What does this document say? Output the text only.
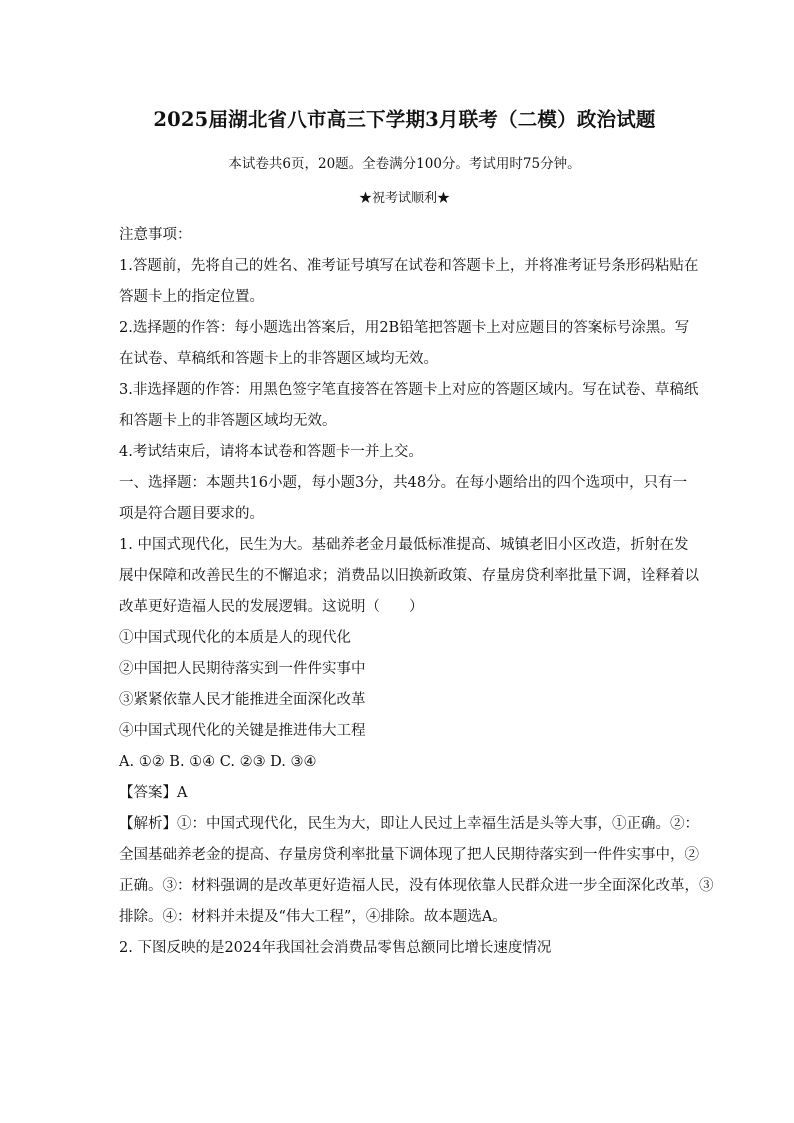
2025届湖北省八市高三下学期3月联考（二模）政治试题

本试卷共6页，20题。全卷满分100分。考试用时75分钟。

★祝考试顺利★

注意事项：

1.答题前，先将自己的姓名、准考证号填写在试卷和答题卡上，并将准考证号条形码粘贴在

答题卡上的指定位置。

2.选择题的作答：每小题选出答案后，用2B铅笔把答题卡上对应题目的答案标号涂黑。写

在试卷、草稿纸和答题卡上的非答题区域均无效。

3.非选择题的作答：用黑色签字笔直接答在答题卡上对应的答题区域内。写在试卷、草稿纸

和答题卡上的非答题区域均无效。

4.考试结束后，请将本试卷和答题卡一并上交。

一、选择题：本题共16小题，每小题3分，共48分。在每小题给出的四个选项中，只有一

项是符合题目要求的。

1. 中国式现代化，民生为大。基础养老金月最低标准提高、城镇老旧小区改造，折射在发

展中保障和改善民生的不懈追求；消费品以旧换新政策、存量房贷利率批量下调，诠释着以

改革更好造福人民的发展逻辑。这说明（　　）

①中国式现代化的本质是人的现代化

②中国把人民期待落实到一件件实事中

③紧紧依靠人民才能推进全面深化改革

④中国式现代化的关键是推进伟大工程

A. ①② B. ①④ C. ②③ D. ③④

【答案】A

【解析】①：中国式现代化，民生为大，即让人民过上幸福生活是头等大事，①正确。②：

全国基础养老金的提高、存量房贷利率批量下调体现了把人民期待落实到一件件实事中，②

正确。③：材料强调的是改革更好造福人民，没有体现依靠人民群众进一步全面深化改革，③

排除。④：材料并未提及“伟大工程”，④排除。故本题选A。

2. 下图反映的是2024年我国社会消费品零售总额同比增长速度情况
